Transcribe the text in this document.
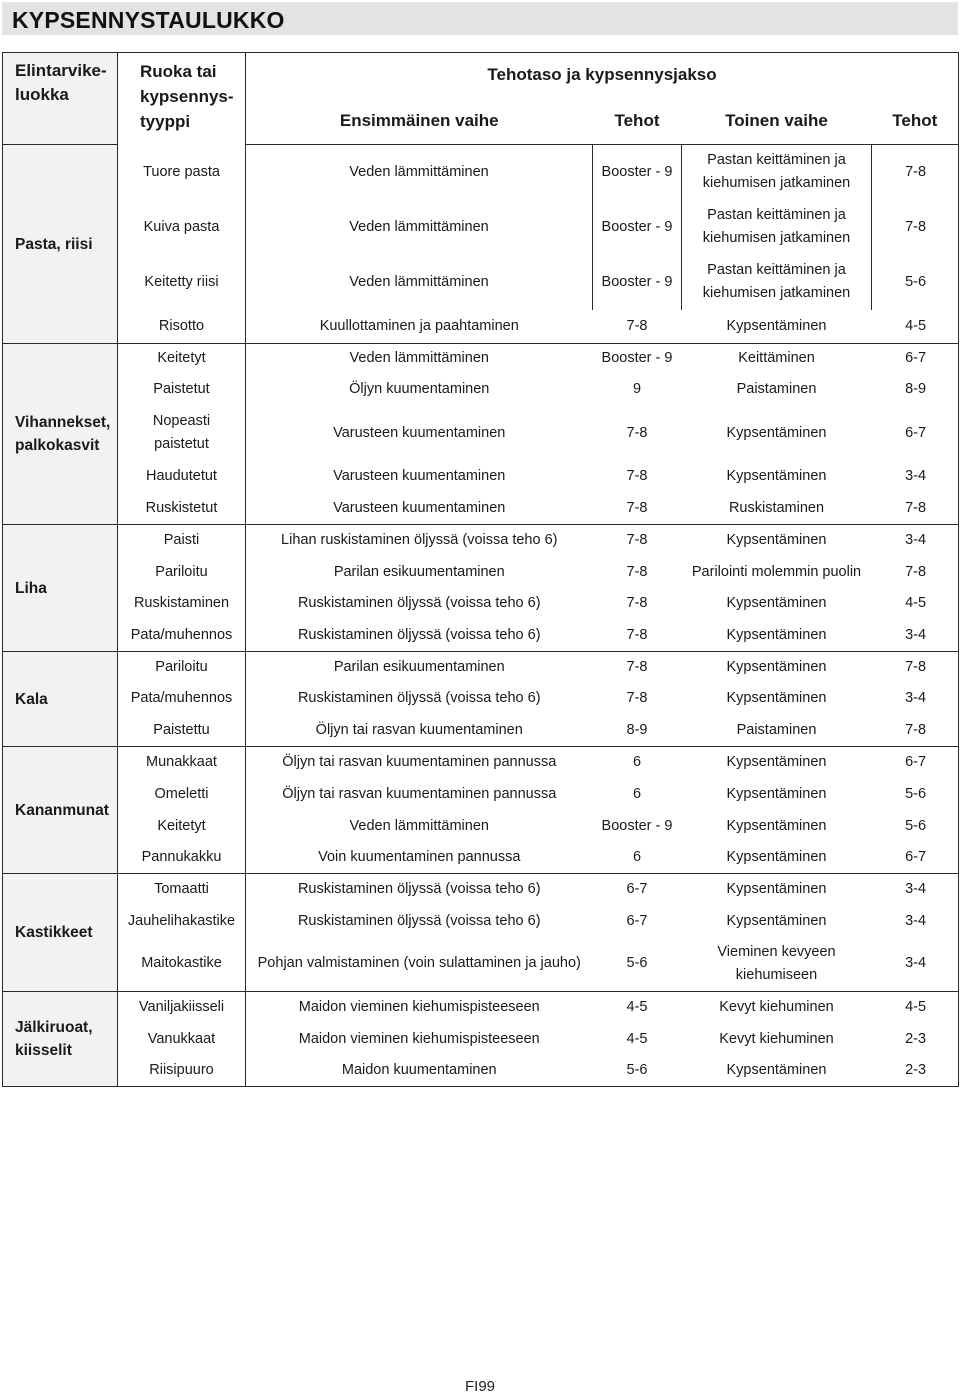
KYPSENNYSTAULUKKO
Elintarvike-
luokka	Ruoka tai
kypsennys-
tyyppi	Tehotaso ja kypsennysjakso			
		Ensimmäinen vaihe	Tehot	Toinen vaihe	Tehot
Pasta, riisi	Tuore pasta	Veden lämmittäminen	Booster - 9	Pastan keittäminen ja
kiehumisen jatkaminen	7-8
	Kuiva pasta	Veden lämmittäminen	Booster - 9	Pastan keittäminen ja
kiehumisen jatkaminen	7-8
	Keitetty riisi	Veden lämmittäminen	Booster - 9	Pastan keittäminen ja
kiehumisen jatkaminen	5-6
	Risotto	Kuullottaminen ja paahtaminen	7-8	Kypsentäminen	4-5
Vihannekset,
palkokasvit	Keitetyt	Veden lämmittäminen	Booster - 9	Keittäminen	6-7
	Paistetut	Öljyn kuumentaminen	9	Paistaminen	8-9
	Nopeasti
paistetut	Varusteen kuumentaminen	7-8	Kypsentäminen	6-7
	Haudutetut	Varusteen kuumentaminen	7-8	Kypsentäminen	3-4
	Ruskistetut	Varusteen kuumentaminen	7-8	Ruskistaminen	7-8
Liha	Paisti	Lihan ruskistaminen öljyssä (voissa teho 6)	7-8	Kypsentäminen	3-4
	Pariloitu	Parilan esikuumentaminen	7-8	Parilointi molemmin puolin	7-8
	Ruskistaminen	Ruskistaminen öljyssä (voissa teho 6)	7-8	Kypsentäminen	4-5
	Pata/muhennos	Ruskistaminen öljyssä (voissa teho 6)	7-8	Kypsentäminen	3-4
Kala	Pariloitu	Parilan esikuumentaminen	7-8	Kypsentäminen	7-8
	Pata/muhennos	Ruskistaminen öljyssä (voissa teho 6)	7-8	Kypsentäminen	3-4
	Paistettu	Öljyn tai rasvan kuumentaminen	8-9	Paistaminen	7-8
Kananmunat	Munakkaat	Öljyn tai rasvan kuumentaminen pannussa	6	Kypsentäminen	6-7
	Omeletti	Öljyn tai rasvan kuumentaminen pannussa	6	Kypsentäminen	5-6
	Keitetyt	Veden lämmittäminen	Booster - 9	Kypsentäminen	5-6
	Pannukakku	Voin kuumentaminen pannussa	6	Kypsentäminen	6-7
Kastikkeet	Tomaatti	Ruskistaminen öljyssä (voissa teho 6)	6-7	Kypsentäminen	3-4
	Jauhelihakastike	Ruskistaminen öljyssä (voissa teho 6)	6-7	Kypsentäminen	3-4
	Maitokastike	Pohjan valmistaminen (voin sulattaminen ja jauho)	5-6	Vieminen kevyeen
kiehumiseen	3-4
Jälkiruoat,
kiisselit	Vaniljakiisseli	Maidon vieminen kiehumispisteeseen	4-5	Kevyt kiehuminen	4-5
	Vanukkaat	Maidon vieminen kiehumispisteeseen	4-5	Kevyt kiehuminen	2-3
	Riisipuuro	Maidon kuumentaminen	5-6	Kypsentäminen	2-3
FI99
